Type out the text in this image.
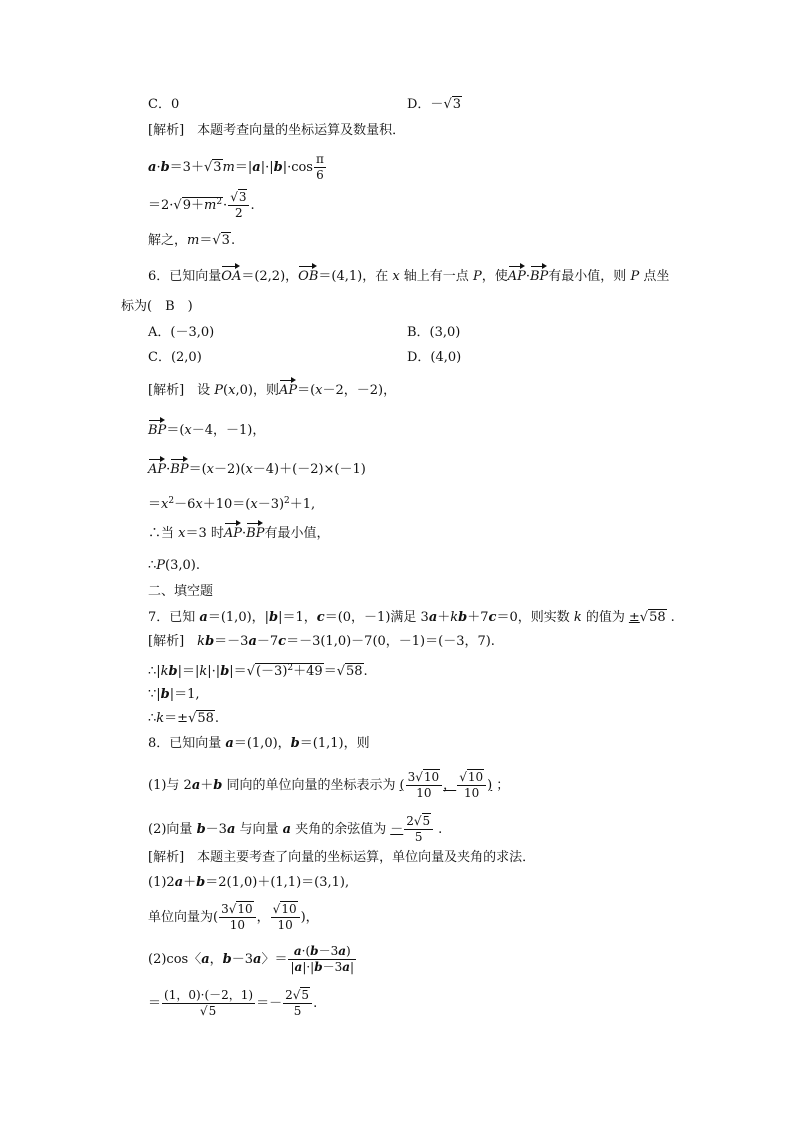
C．0	D．－√3
[解析]　 本题考查向量的坐标运算及数量积．
$a\cdot b=3+√3m=|a|\cdot|b|\cdot\cos \frac{\pi}{6}$
$=2\cdot√9+m^2\cdot \frac{√3}{2}$ .
解之，m＝√3.
6．已知向量OA＝(2,2)，OB＝(4,1)，在 x 轴上有一点 P，使AP·BP有最小值，则 P 点坐
标为(　B　)
A．(－3,0)	B．(3,0)
C．(2,0)	D．(4,0)
[解析]　设 P(x,0)，则AP＝(x－2，－2)，
BP＝(x－4，－1)，
AP·BP＝(x－2)(x－4)＋(－2)×(－1)
$=x^2-6x+10=(x-3)^2+1$,
∴当 x＝3 时AP·BP有最小值，
∴P(3,0).
二、填空题
7．已知 a＝(1,0)，|b|＝1，c＝(0，－1)满足 3a＋kb＋7c＝0，则实数 k 的值为 ±√58 .
[解析]　 kb＝－3a－7c＝－3(1,0)－7(0，－1)＝(－3，7).
$\therefore|kb|=|k|\cdot|b|=√(-3)^2+49=√58$.
∵|b|＝1,
∴k＝±√58.
8．已知向量 a＝(1,0)，b＝(1,1)，则
(1)与 2a＋b 同向的单位向量的坐标表示为 ( $\frac{3√10}{10}$ ， $\frac{√10}{10}$ ) ；
(2)向量 b－3a 与向量 a 夹角的余弦值为 － $\frac{2√5}{5}$ .
[解析]　 本题主要考查了向量的坐标运算，单位向量及夹角的求法．
(1)2a＋b＝2(1,0)＋(1,1)＝(3,1),
单位向量为( $\frac{3√10}{10}$ ， $\frac{√10}{10}$ )，
(2)cos〈a，b－3a〉＝ $\frac{a\cdot(b-3a)}{|a|\cdot|b-3a|}$
＝ $\frac{(1,0)\cdot(-2,1)}{√5} =- \frac{2√5}{5}$ .
